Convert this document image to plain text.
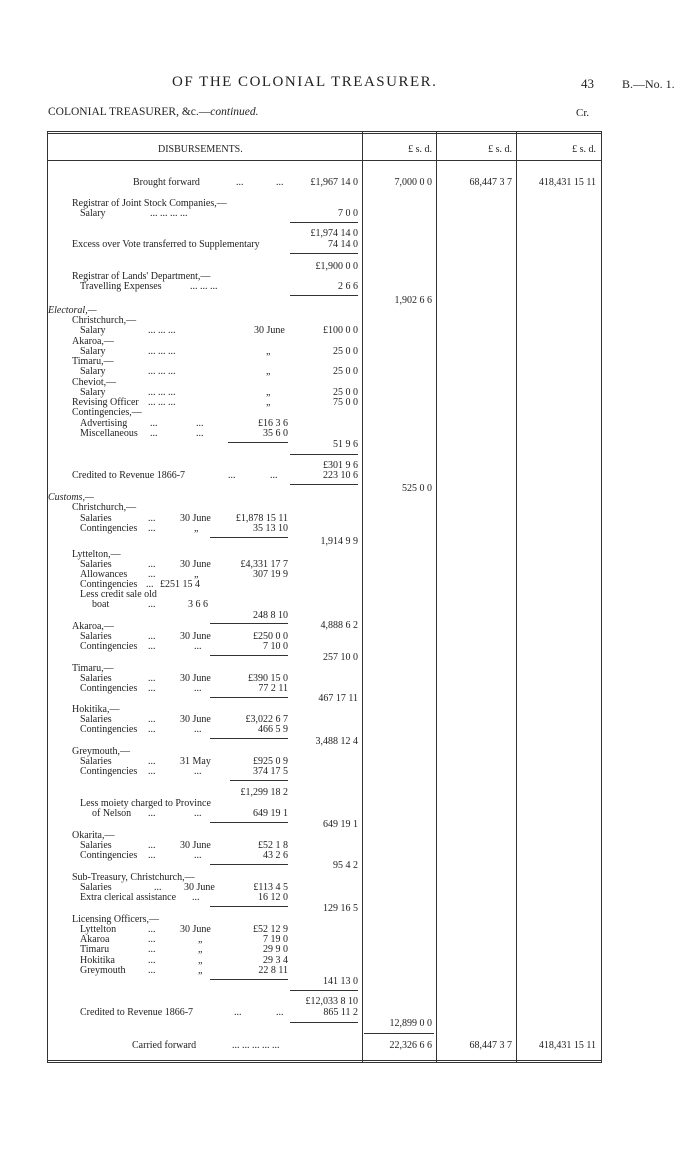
OF THE COLONIAL TREASURER.	43 B.—No. 1.
COLONIAL TREASURER, &c.—continued.	Cr.
DISBURSEMENTS.	£ s. d.	£ s. d.	£ s. d.
Brought forward	...	...	£1,967 14 0	7,000 0 0	68,447 3 7	418,431 15 11
Registrar of Joint Stock Companies,—
Salary	... ... ... ...	7 0 0
£1,974 14 0
Excess over Vote transferred to Supplementary	74 14 0
£1,900 0 0
Registrar of Lands' Department,—
Travelling Expenses	... ... ...	2 6 6
1,902 6 6
Electoral,—
Christchurch,—
Salary	... ... ...	30 June	£100 0 0
Akaroa,—
Salary	... ... ...	„	25 0 0
Timaru,—
Salary	... ... ...	„	25 0 0
Cheviot,—
Salary	... ... ...	„	25 0 0
Revising Officer ... ... ...	„	75 0 0
Contingencies,—
Advertising ...	...	£16 3 6
Miscellaneous ...	...	35 6 0
51 9 6
£301 9 6
Credited to Revenue 1866-7	...	...	223 10 6
525 0 0
Customs,—
Christchurch,—
Salaries	... 30 June	£1,878 15 11
Contingencies ...	„	35 13 10
1,914 9 9
Lyttelton,—
Salaries	... 30 June	£4,331 17 7
Allowances ...	„	307 19 9
Contingencies ... £251 15 4
Less credit sale old
boat	...	3 6 6
248 8 10
4,888 6 2
Akaroa,—
Salaries	... 30 June	£250 0 0
Contingencies ...	...	7 10 0
257 10 0
Timaru,—
Salaries	... 30 June	£390 15 0
Contingencies ...	...	77 2 11
467 17 11
Hokitika,—
Salaries	... 30 June	£3,022 6 7
Contingencies ...	...	466 5 9
3,488 12 4
Greymouth,—
Salaries	... 31 May	£925 0 9
Contingencies ...	...	374 17 5
£1,299 18 2
Less moiety charged to Province
of Nelson ...	...	649 19 1
649 19 1
Okarita,—
Salaries	... 30 June	£52 1 8
Contingencies ...	...	43 2 6
95 4 2
Sub-Treasury, Christchurch,—
Salaries	... 30 June	£113 4 5
Extra clerical assistance ...	16 12 0
129 16 5
Licensing Officers,—
Lyttelton	... 30 June	£52 12 9
Akaroa	...	„	7 19 0
Timaru	...	„	29 9 0
Hokitika	...	„	29 3 4
Greymouth ...	„	22 8 11
141 13 0
£12,033 8 10
Credited to Revenue 1866-7	...	...	865 11 2
12,899 0 0
Carried forward	... ... ... ... ...	22,326 6 6	68,447 3 7	418,431 15 11
